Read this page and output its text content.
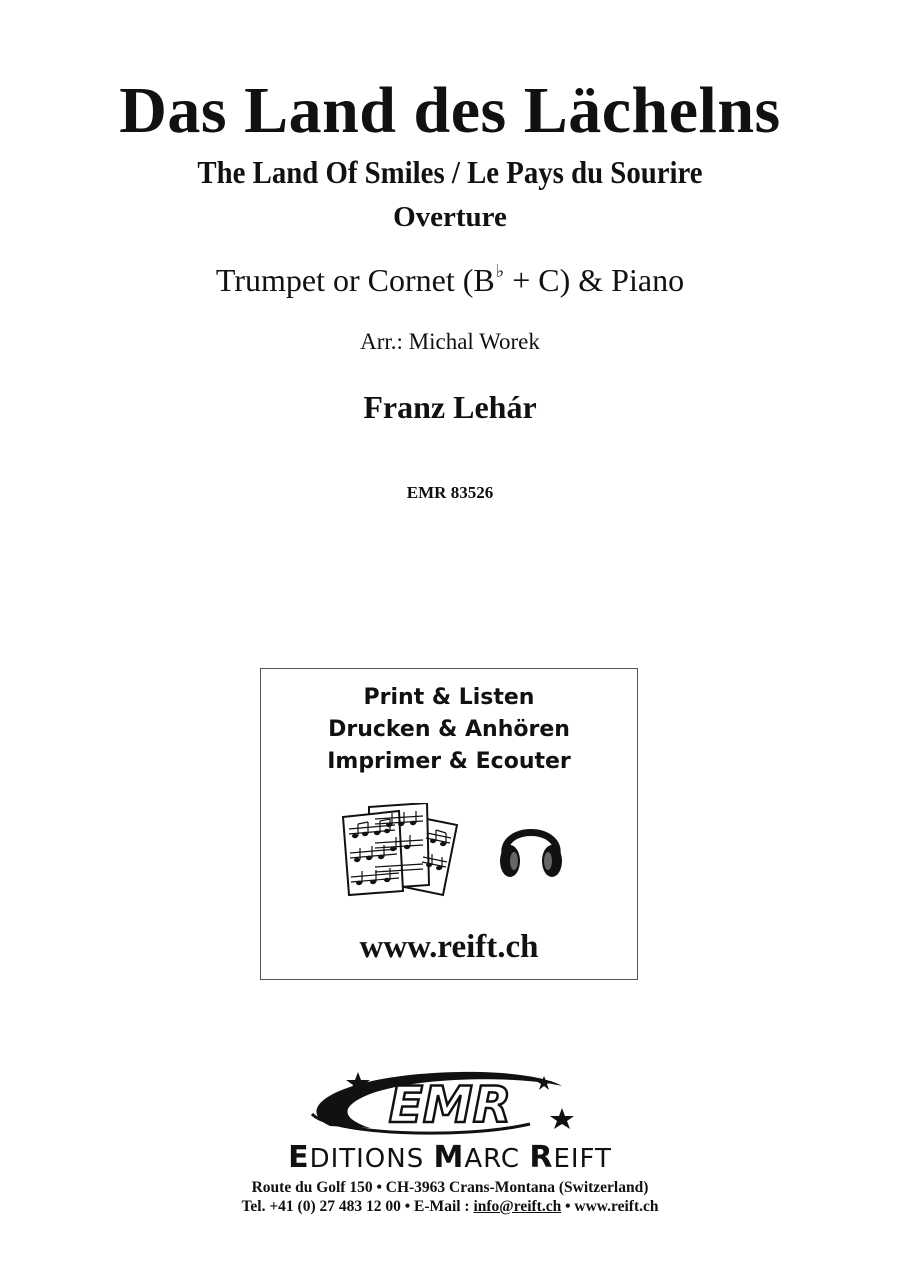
Das Land des Lächelns
The Land Of Smiles / Le Pays du Sourire
Overture
Trumpet or Cornet (B♭ + C) & Piano
Arr.: Michal Worek
Franz Lehár
EMR 83526
Print & Listen
Drucken & Anhören
Imprimer & Ecouter
www.reift.ch
EMR
EDITIONS MARC REIFT
Route du Golf 150 • CH-3963 Crans-Montana (Switzerland)
Tel. +41 (0) 27 483 12 00 • E-Mail : info@reift.ch • www.reift.ch
